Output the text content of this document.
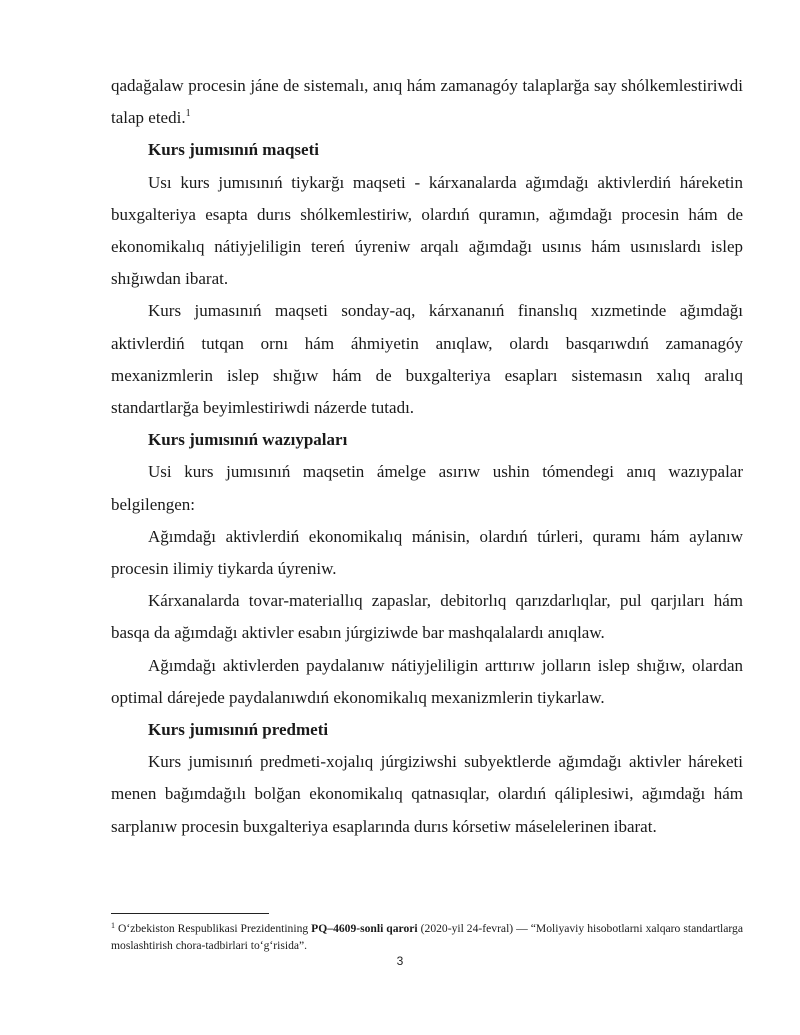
qadağalaw procesin jáne de sistemalı, anıq hám zamanagóy talaplarğa say shólkemlestiriwdi talap etedi.$^1$

Kurs jumısınıń maqseti

Usı kurs jumısınıń tiykarğı maqseti - kárxanalarda ağımdağı aktivlerdiń háreketin buxgalteriya esapta durıs shólkemlestiriw, olardıń quramın, ağımdağı procesin hám de ekonomikalıq nátiyjeliligin tereń úyreniw arqalı ağımdağı usınıs hám usınıslardı islep shığıwdan ibarat.

Kurs jumasınıń maqseti sonday-aq, kárxananıń finanslıq xızmetinde ağımdağı aktivlerdiń tutqan ornı hám áhmiyetin anıqlaw, olardı basqarıwdıń zamanagóy mexanizmlerin islep shığıw hám de buxgalteriya esapları sistemasın xalıq aralıq standartlarğa beyimlestiriwdi názerde tutadı.

Kurs jumısınıń wazıypaları

Usi kurs jumısınıń maqsetin ámelge asırıw ushin tómendegi anıq wazıypalar belgilengen:

Ağımdağı aktivlerdiń ekonomikalıq mánisin, olardıń túrleri, quramı hám aylanıw procesin ilimiy tiykarda úyreniw.

Kárxanalarda tovar-materiallıq zapaslar, debitorlıq qarızdarlıqlar, pul qarjıları hám basqa da ağımdağı aktivler esabın júrgiziwde bar mashqalalardı anıqlaw.

Ağımdağı aktivlerden paydalanıw nátiyjeliligin arttırıw jolların islep shığıw, olardan optimal dárejede paydalanıwdıń ekonomikalıq mexanizmlerin tiykarlaw.

Kurs jumısınıń predmeti

Kurs jumisınıń predmeti-xojalıq júrgiziwshi subyektlerde ağımdağı aktivler háreketi menen bağımdağılı bolğan ekonomikalıq qatnasıqlar, olardıń qáliplesiwi, ağımdağı hám sarplanıw procesin buxgalteriya esaplarında durıs kórsetiw máselelerinen ibarat.

$^1$ O‘zbekiston Respublikasi Prezidentining PQ–4609-sonli qarori (2020-yil 24-fevral) — “Moliyaviy hisobotlarni xalqaro standartlarga moslashtirish chora-tadbirlari to‘g‘risida”.
3
